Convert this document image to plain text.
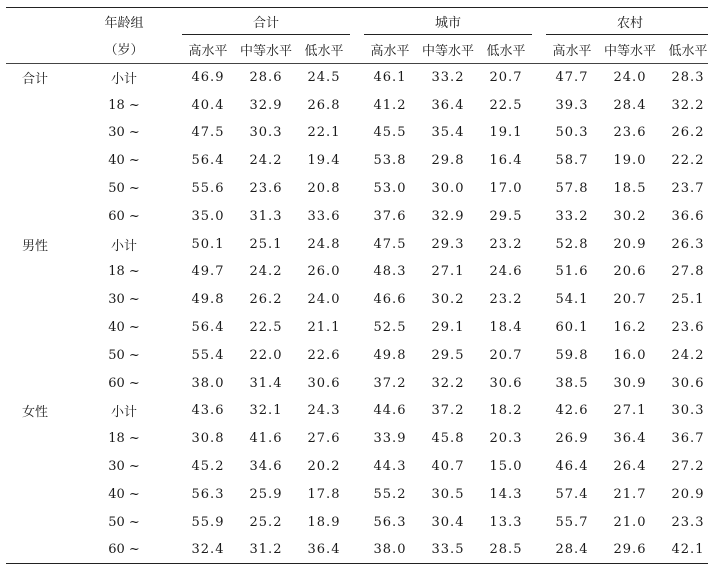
	年龄组		合计				城市				农村		
	（岁）		高水平	中等水平	低水平		高水平	中等水平	低水平		高水平	中等水平	低水平
合计	小计		46.9	28.6	24.5		46.1	33.2	20.7		47.7	24.0	28.3
	18 ~		40.4	32.9	26.8		41.2	36.4	22.5		39.3	28.4	32.2
	30 ~		47.5	30.3	22.1		45.5	35.4	19.1		50.3	23.6	26.2
	40 ~		56.4	24.2	19.4		53.8	29.8	16.4		58.7	19.0	22.2
	50 ~		55.6	23.6	20.8		53.0	30.0	17.0		57.8	18.5	23.7
	60 ~		35.0	31.3	33.6		37.6	32.9	29.5		33.2	30.2	36.6
男性	小计		50.1	25.1	24.8		47.5	29.3	23.2		52.8	20.9	26.3
	18 ~		49.7	24.2	26.0		48.3	27.1	24.6		51.6	20.6	27.8
	30 ~		49.8	26.2	24.0		46.6	30.2	23.2		54.1	20.7	25.1
	40 ~		56.4	22.5	21.1		52.5	29.1	18.4		60.1	16.2	23.6
	50 ~		55.4	22.0	22.6		49.8	29.5	20.7		59.8	16.0	24.2
	60 ~		38.0	31.4	30.6		37.2	32.2	30.6		38.5	30.9	30.6
女性	小计		43.6	32.1	24.3		44.6	37.2	18.2		42.6	27.1	30.3
	18 ~		30.8	41.6	27.6		33.9	45.8	20.3		26.9	36.4	36.7
	30 ~		45.2	34.6	20.2		44.3	40.7	15.0		46.4	26.4	27.2
	40 ~		56.3	25.9	17.8		55.2	30.5	14.3		57.4	21.7	20.9
	50 ~		55.9	25.2	18.9		56.3	30.4	13.3		55.7	21.0	23.3
	60 ~		32.4	31.2	36.4		38.0	33.5	28.5		28.4	29.6	42.1
